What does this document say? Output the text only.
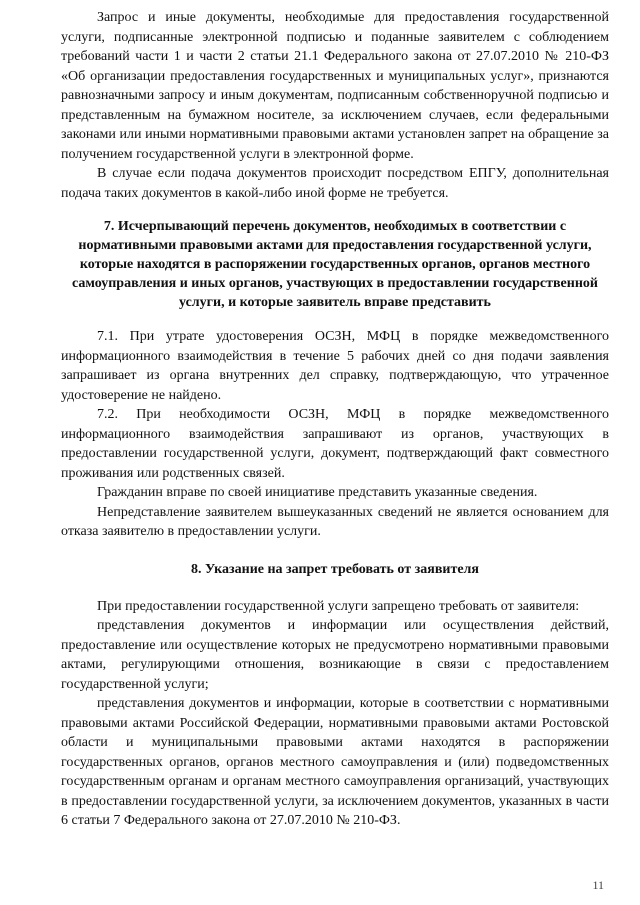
Запрос и иные документы, необходимые для предоставления государственной услуги, подписанные электронной подписью и поданные заявителем с соблюдением требований части 1 и части 2 статьи 21.1 Федерального закона от 27.07.2010 № 210-ФЗ «Об организации предоставления государственных и муниципальных услуг», признаются равнозначными запросу и иным документам, подписанным собственноручной подписью и представленным на бумажном носителе, за исключением случаев, если федеральными законами или иными нормативными правовыми актами установлен запрет на обращение за получением государственной услуги в электронной форме.

В случае если подача документов происходит посредством ЕПГУ, дополнительная подача таких документов в какой-либо иной форме не требуется.

7. Исчерпывающий перечень документов, необходимых в соответствии с нормативными правовыми актами для предоставления государственной услуги, которые находятся в распоряжении государственных органов, органов местного самоуправления и иных органов, участвующих в предоставлении государственной услуги, и которые заявитель вправе представить

7.1. При утрате удостоверения ОСЗН, МФЦ в порядке межведомственного информационного взаимодействия в течение 5 рабочих дней со дня подачи заявления запрашивает из органа внутренних дел справку, подтверждающую, что утраченное удостоверение не найдено.

7.2. При необходимости ОСЗН, МФЦ в порядке межведомственного информационного взаимодействия запрашивают из органов, участвующих в предоставлении государственной услуги, документ, подтверждающий факт совместного проживания или родственных связей.

Гражданин вправе по своей инициативе представить указанные сведения.

Непредставление заявителем вышеуказанных сведений не является основанием для отказа заявителю в предоставлении услуги.

8. Указание на запрет требовать от заявителя

При предоставлении государственной услуги запрещено требовать от заявителя:

представления документов и информации или осуществления действий, предоставление или осуществление которых не предусмотрено нормативными правовыми актами, регулирующими отношения, возникающие в связи с предоставлением государственной услуги;

представления документов и информации, которые в соответствии с нормативными правовыми актами Российской Федерации, нормативными правовыми актами Ростовской области и муниципальными правовыми актами находятся в распоряжении государственных органов, органов местного самоуправления и (или) подведомственных государственным органам и органам местного самоуправления организаций, участвующих в предоставлении государственной услуги, за исключением документов, указанных в части 6 статьи 7 Федерального закона от 27.07.2010 № 210-ФЗ.

11
